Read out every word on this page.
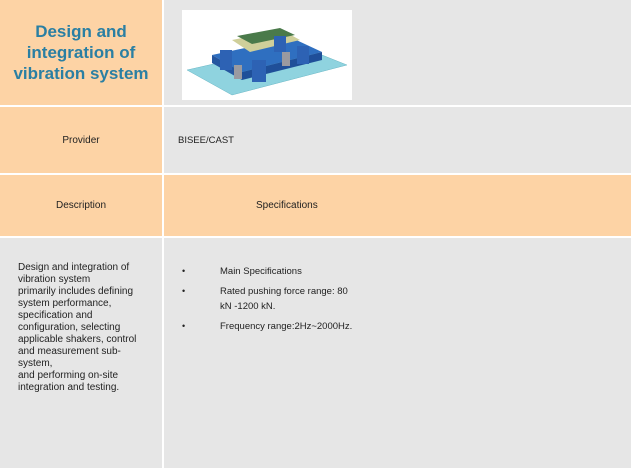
Design and integration of vibration system
Provider	BISEE/CAST
Description	Specifications
Design and integration of vibration system
primarily includes defining system performance, specification and configuration, selecting applicable shakers, control and measurement sub-system,
and performing on-site integration and testing.
• Main Specifications
• Rated pushing force range: 80 kN -1200 kN.
• Frequency range:2Hz~2000Hz.
